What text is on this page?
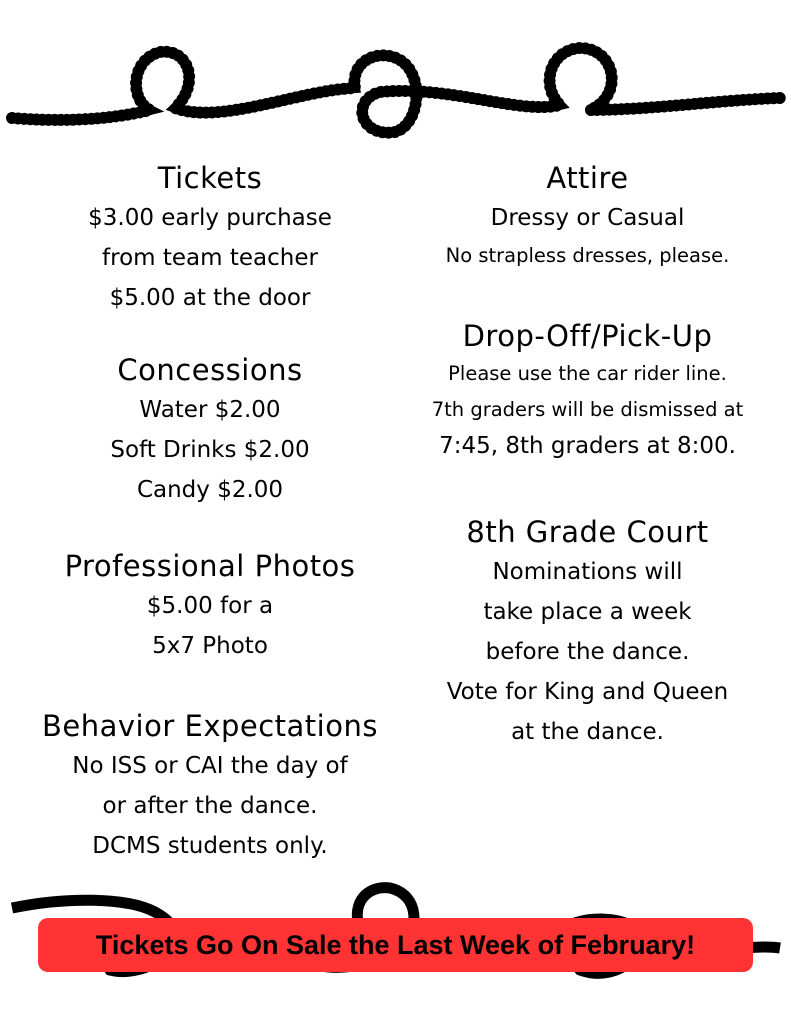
Tickets
$3.00 early purchase
from team teacher
$5.00 at the door
Concessions
Water $2.00
Soft Drinks $2.00
Candy $2.00
Professional Photos
$5.00 for a
5x7 Photo
Behavior Expectations
No ISS or CAI the day of
or after the dance.
DCMS students only.
Attire
Dressy or Casual
No strapless dresses, please.
Drop-Off/Pick-Up
Please use the car rider line.
7th graders will be dismissed at
7:45, 8th graders at 8:00.
8th Grade Court
Nominations will
take place a week
before the dance.
Vote for King and Queen
at the dance.
Tickets Go On Sale the Last Week of February!
